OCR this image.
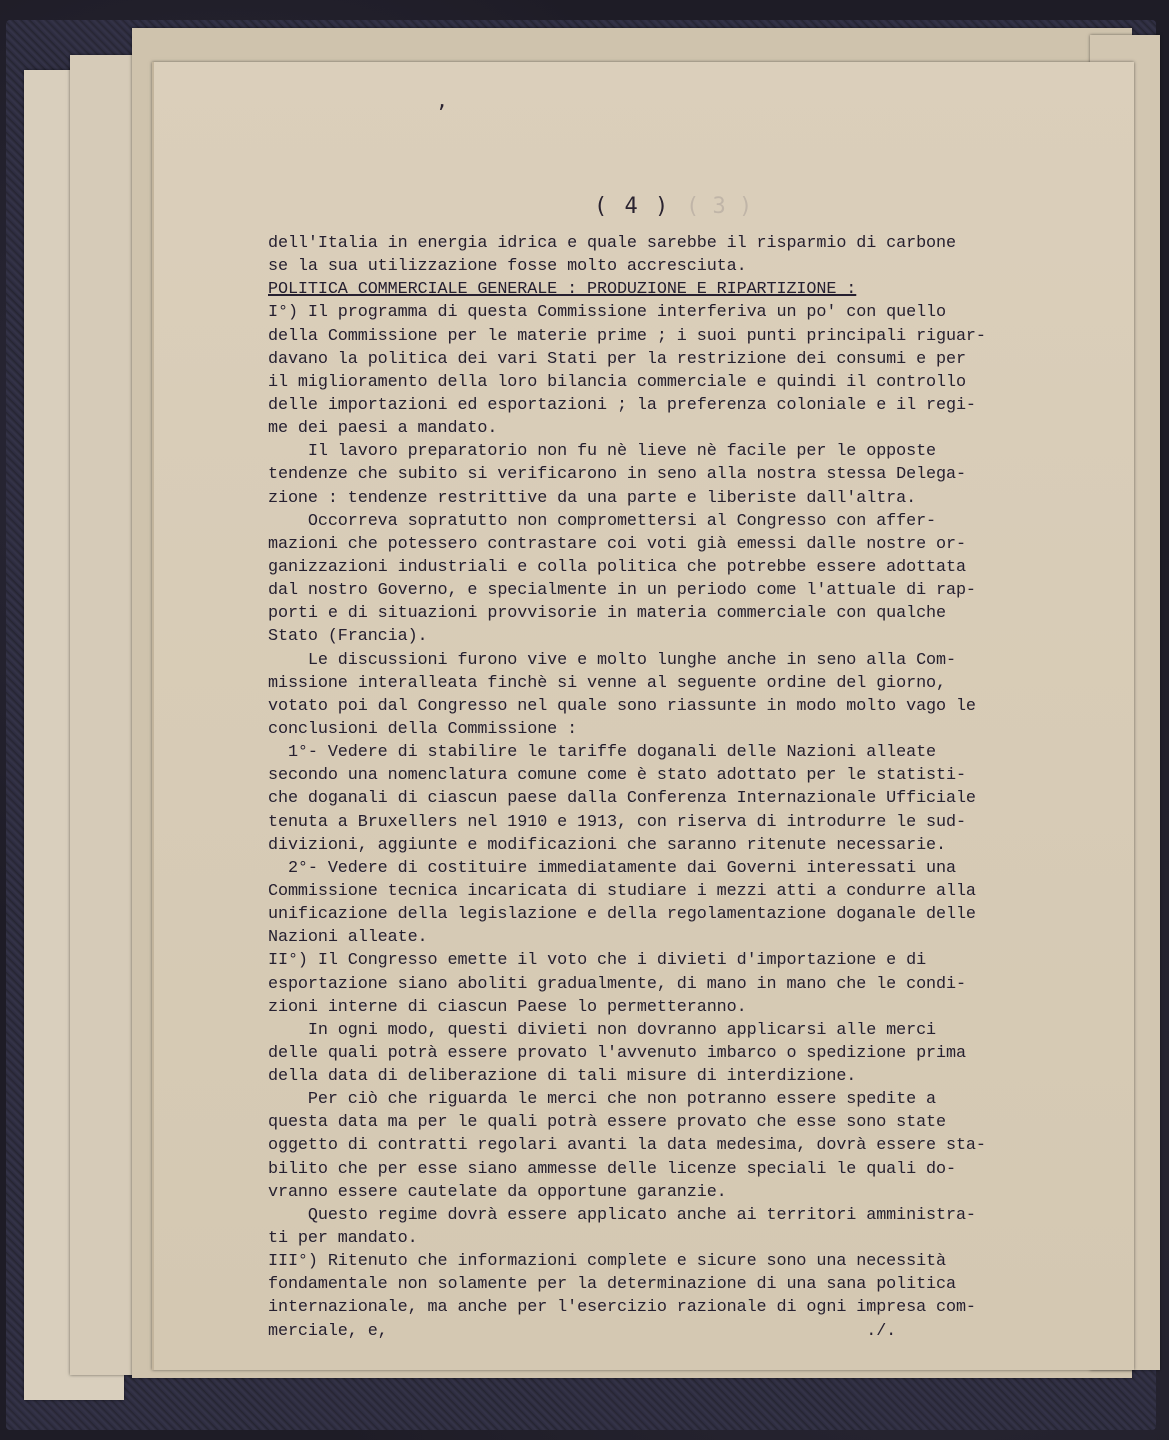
‚
( 4 ) ( 3 )
dell'Italia in energia idrica e quale sarebbe il risparmio di carbone
se la sua utilizzazione fosse molto accresciuta.
POLITICA COMMERCIALE GENERALE : PRODUZIONE E RIPARTIZIONE :
I°) Il programma di questa Commissione interferiva un po' con quello
della Commissione per le materie prime ; i suoi punti principali riguar-
davano la politica dei vari Stati per la restrizione dei consumi e per
il miglioramento della loro bilancia commerciale e quindi il controllo
delle importazioni ed esportazioni ; la preferenza coloniale e il regi-
me dei paesi a mandato.
Il lavoro preparatorio non fu nè lieve nè facile per le opposte
tendenze che subito si verificarono in seno alla nostra stessa Delega-
zione : tendenze restrittive da una parte e liberiste dall'altra.
Occorreva sopratutto non compromettersi al Congresso con affer-
mazioni che potessero contrastare coi voti già emessi dalle nostre or-
ganizzazioni industriali e colla politica che potrebbe essere adottata
dal nostro Governo, e specialmente in un periodo come l'attuale di rap-
porti e di situazioni provvisorie in materia commerciale con qualche
Stato (Francia).
Le discussioni furono vive e molto lunghe anche in seno alla Com-
missione interalleata finchè si venne al seguente ordine del giorno,
votato poi dal Congresso nel quale sono riassunte in modo molto vago le
conclusioni della Commissione :
1°- Vedere di stabilire le tariffe doganali delle Nazioni alleate
secondo una nomenclatura comune come è stato adottato per le statisti-
che doganali di ciascun paese dalla Conferenza Internazionale Ufficiale
tenuta a Bruxellers nel 1910 e 1913, con riserva di introdurre le sud-
divizioni, aggiunte e modificazioni che saranno ritenute necessarie.
2°- Vedere di costituire immediatamente dai Governi interessati una
Commissione tecnica incaricata di studiare i mezzi atti a condurre alla
unificazione della legislazione e della regolamentazione doganale delle
Nazioni alleate.
II°) Il Congresso emette il voto che i divieti d'importazione e di
esportazione siano aboliti gradualmente, di mano in mano che le condi-
zioni interne di ciascun Paese lo permetteranno.
In ogni modo, questi divieti non dovranno applicarsi alle merci
delle quali potrà essere provato l'avvenuto imbarco o spedizione prima
della data di deliberazione di tali misure di interdizione.
Per ciò che riguarda le merci che non potranno essere spedite a
questa data ma per le quali potrà essere provato che esse sono state
oggetto di contratti regolari avanti la data medesima, dovrà essere sta-
bilito che per esse siano ammesse delle licenze speciali le quali do-
vranno essere cautelate da opportune garanzie.
Questo regime dovrà essere applicato anche ai territori amministra-
ti per mandato.
III°) Ritenuto che informazioni complete e sicure sono una necessità
fondamentale non solamente per la determinazione di una sana politica
internazionale, ma anche per l'esercizio razionale di ogni impresa com-
merciale, e,                                                ./.
